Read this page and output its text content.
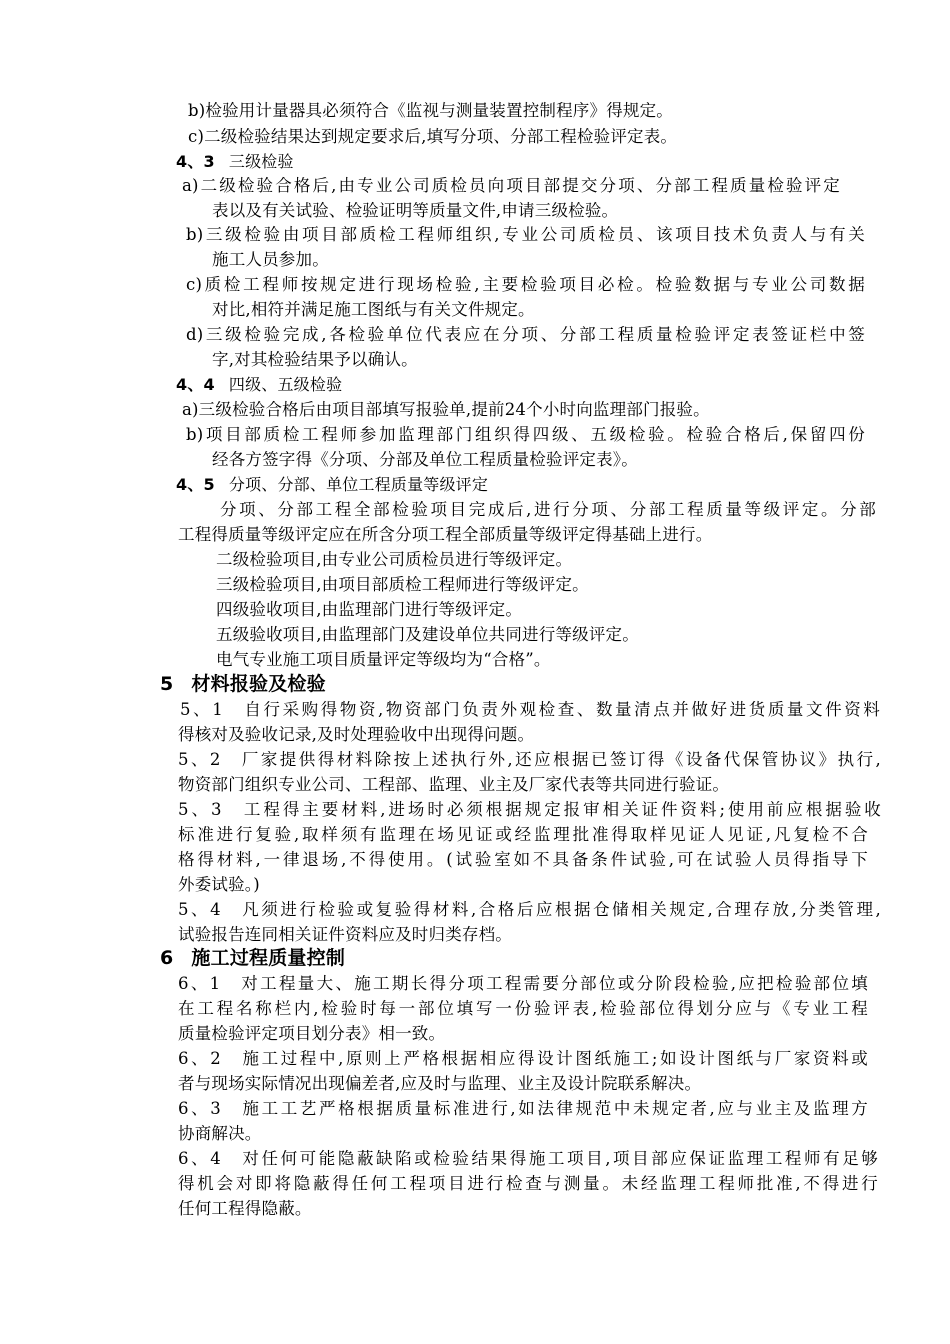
b)检验用计量器具必须符合《监视与测量装置控制程序》得规定。
c)二级检验结果达到规定要求后,填写分项、分部工程检验评定表。
4、3 三级检验
a)二级检验合格后,由专业公司质检员向项目部提交分项、分部工程质量检验评定
表以及有关试验、检验证明等质量文件,申请三级检验。
b)三级检验由项目部质检工程师组织,专业公司质检员、该项目技术负责人与有关
施工人员参加。
c)质检工程师按规定进行现场检验,主要检验项目必检。检验数据与专业公司数据
对比,相符并满足施工图纸与有关文件规定。
d)三级检验完成,各检验单位代表应在分项、分部工程质量检验评定表签证栏中签
字,对其检验结果予以确认。
4、4 四级、五级检验
a)三级检验合格后由项目部填写报验单,提前24个小时向监理部门报验。
b)项目部质检工程师参加监理部门组织得四级、五级检验。检验合格后,保留四份
经各方签字得《分项、分部及单位工程质量检验评定表》。
4、5 分项、分部、单位工程质量等级评定
分项、分部工程全部检验项目完成后,进行分项、分部工程质量等级评定。分部
工程得质量等级评定应在所含分项工程全部质量等级评定得基础上进行。
二级检验项目,由专业公司质检员进行等级评定。
三级检验项目,由项目部质检工程师进行等级评定。
四级验收项目,由监理部门进行等级评定。
五级验收项目,由监理部门及建设单位共同进行等级评定。
电气专业施工项目质量评定等级均为“合格”。
5 材料报验及检验
5、1　自行采购得物资,物资部门负责外观检查、数量清点并做好进货质量文件资料
得核对及验收记录,及时处理验收中出现得问题。
5、2　厂家提供得材料除按上述执行外,还应根据已签订得《设备代保管协议》执行,
物资部门组织专业公司、工程部、监理、业主及厂家代表等共同进行验证。
5、3　工程得主要材料,进场时必须根据规定报审相关证件资料;使用前应根据验收
标准进行复验,取样须有监理在场见证或经监理批准得取样见证人见证,凡复检不合
格得材料,一律退场,不得使用。(试验室如不具备条件试验,可在试验人员得指导下
外委试验。)
5、4　凡须进行检验或复验得材料,合格后应根据仓储相关规定,合理存放,分类管理,
试验报告连同相关证件资料应及时归类存档。
6 施工过程质量控制
6、1　对工程量大、施工期长得分项工程需要分部位或分阶段检验,应把检验部位填
在工程名称栏内,检验时每一部位填写一份验评表,检验部位得划分应与《专业工程
质量检验评定项目划分表》相一致。
6、2　施工过程中,原则上严格根据相应得设计图纸施工;如设计图纸与厂家资料或
者与现场实际情况出现偏差者,应及时与监理、业主及设计院联系解决。
6、3　施工工艺严格根据质量标准进行,如法律规范中未规定者,应与业主及监理方
协商解决。
6、4　对任何可能隐蔽缺陷或检验结果得施工项目,项目部应保证监理工程师有足够
得机会对即将隐蔽得任何工程项目进行检查与测量。未经监理工程师批准,不得进行
任何工程得隐蔽。
